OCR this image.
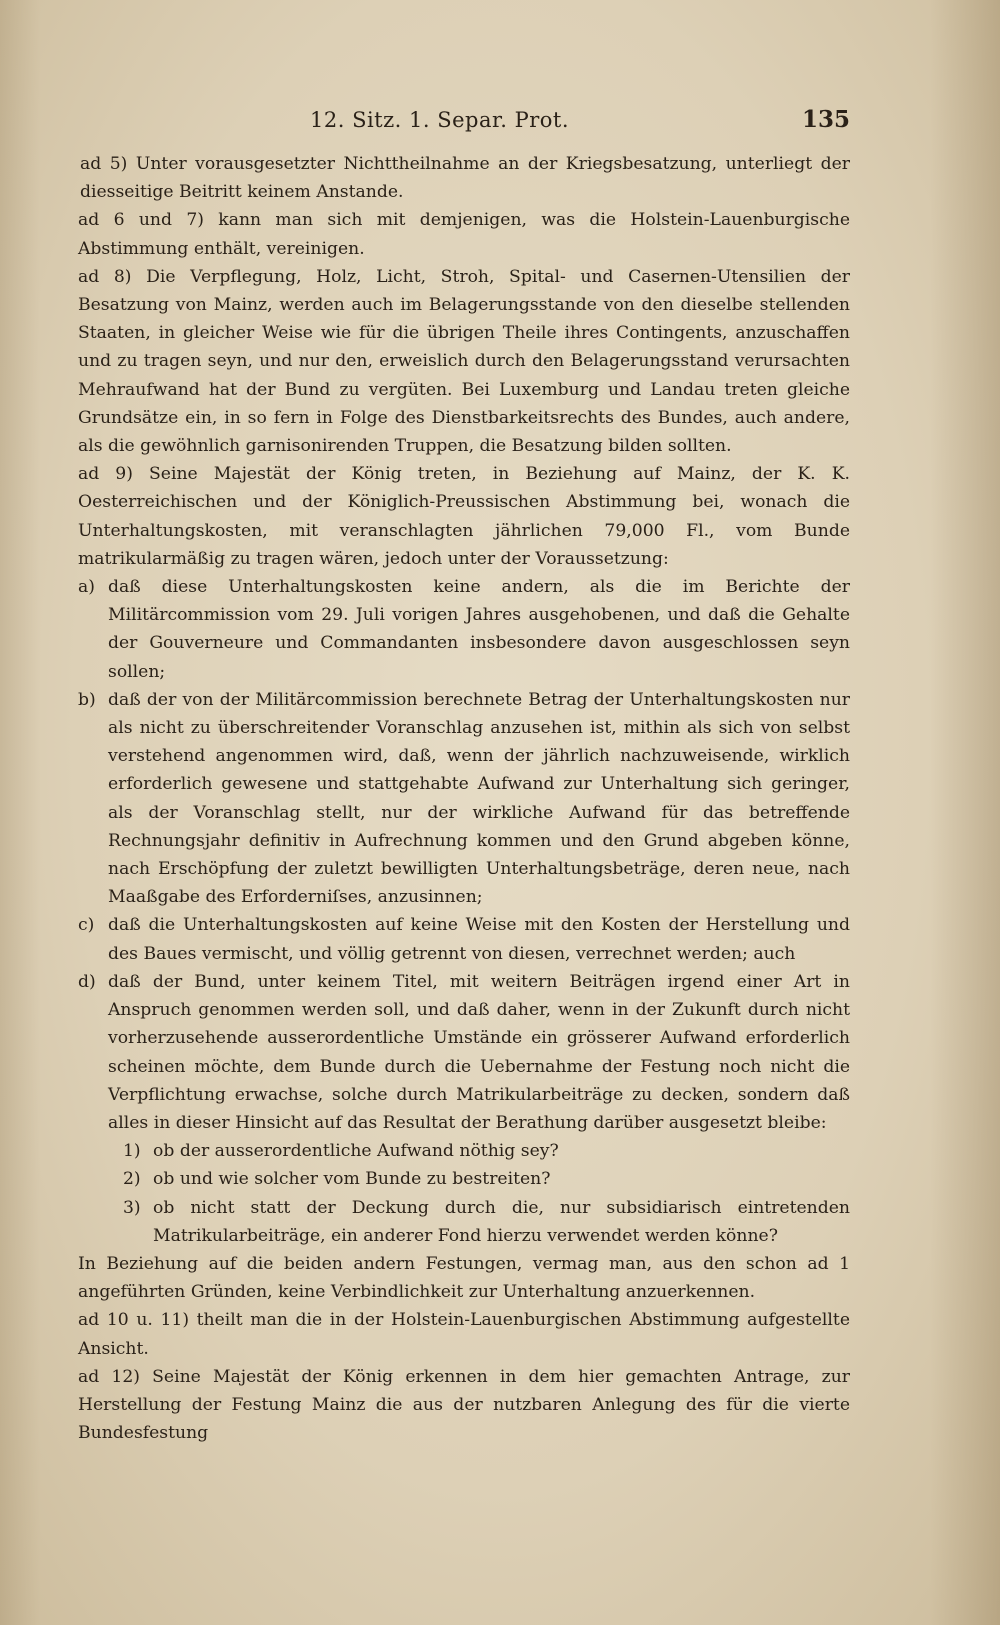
12. Sitz. 1. Separ. Prot.	135

ad 5) Unter vorausgesetzter Nichttheilnahme an der Kriegsbesatzung, unterliegt der diesseitige Beitritt keinem Anstande.

ad 6 und 7) kann man sich mit demjenigen, was die Holstein-Lauenburgische Abstimmung enthält, vereinigen.

ad 8) Die Verpflegung, Holz, Licht, Stroh, Spital- und Casernen-Utensilien der Besatzung von Mainz, werden auch im Belagerungsstande von den dieselbe stellenden Staaten, in gleicher Weise wie für die übrigen Theile ihres Contingents, anzuschaffen und zu tragen seyn, und nur den, erweislich durch den Belagerungsstand verursachten Mehraufwand hat der Bund zu vergüten. Bei Luxemburg und Landau treten gleiche Grundsätze ein, in so fern in Folge des Dienstbarkeitsrechts des Bundes, auch andere, als die gewöhnlich garnisonirenden Truppen, die Besatzung bilden sollten.

ad 9) Seine Majestät der König treten, in Beziehung auf Mainz, der K. K. Oesterreichischen und der Königlich-Preussischen Abstimmung bei, wonach die Unterhaltungskosten, mit veranschlagten jährlichen 79,000 Fl., vom Bunde matrikularmäßig zu tragen wären, jedoch unter der Voraussetzung:

a) daß diese Unterhaltungskosten keine andern, als die im Berichte der Militärcommission vom 29. Juli vorigen Jahres ausgehobenen, und daß die Gehalte der Gouverneure und Commandanten insbesondere davon ausgeschlossen seyn sollen;
b) daß der von der Militärcommission berechnete Betrag der Unterhaltungskosten nur als nicht zu überschreitender Voranschlag anzusehen ist, mithin als sich von selbst verstehend angenommen wird, daß, wenn der jährlich nachzuweisende, wirklich erforderlich gewesene und stattgehabte Aufwand zur Unterhaltung sich geringer, als der Voranschlag stellt, nur der wirkliche Aufwand für das betreffende Rechnungsjahr definitiv in Aufrechnung kommen und den Grund abgeben könne, nach Erschöpfung der zuletzt bewilligten Unterhaltungsbeträge, deren neue, nach Maaßgabe des Erforderniſses, anzusinnen;
c) daß die Unterhaltungskosten auf keine Weise mit den Kosten der Herstellung und des Baues vermischt, und völlig getrennt von diesen, verrechnet werden; auch
d) daß der Bund, unter keinem Titel, mit weitern Beiträgen irgend einer Art in Anspruch genommen werden soll, und daß daher, wenn in der Zukunft durch nicht vorherzusehende ausserordentliche Umstände ein grösserer Aufwand erforderlich scheinen möchte, dem Bunde durch die Uebernahme der Festung noch nicht die Verpflichtung erwachse, solche durch Matrikularbeiträge zu decken, sondern daß alles in dieser Hinsicht auf das Resultat der Berathung darüber ausgesetzt bleibe:
1) ob der ausserordentliche Aufwand nöthig sey?
2) ob und wie solcher vom Bunde zu bestreiten?
3) ob nicht statt der Deckung durch die, nur subsidiarisch eintretenden Matrikularbeiträge, ein anderer Fond hierzu verwendet werden könne?

In Beziehung auf die beiden andern Festungen, vermag man, aus den schon ad 1 angeführten Gründen, keine Verbindlichkeit zur Unterhaltung anzuerkennen.

ad 10 u. 11) theilt man die in der Holstein-Lauenburgischen Abstimmung aufgestellte Ansicht.

ad 12) Seine Majestät der König erkennen in dem hier gemachten Antrage, zur Herstellung der Festung Mainz die aus der nutzbaren Anlegung des für die vierte Bundesfestung
